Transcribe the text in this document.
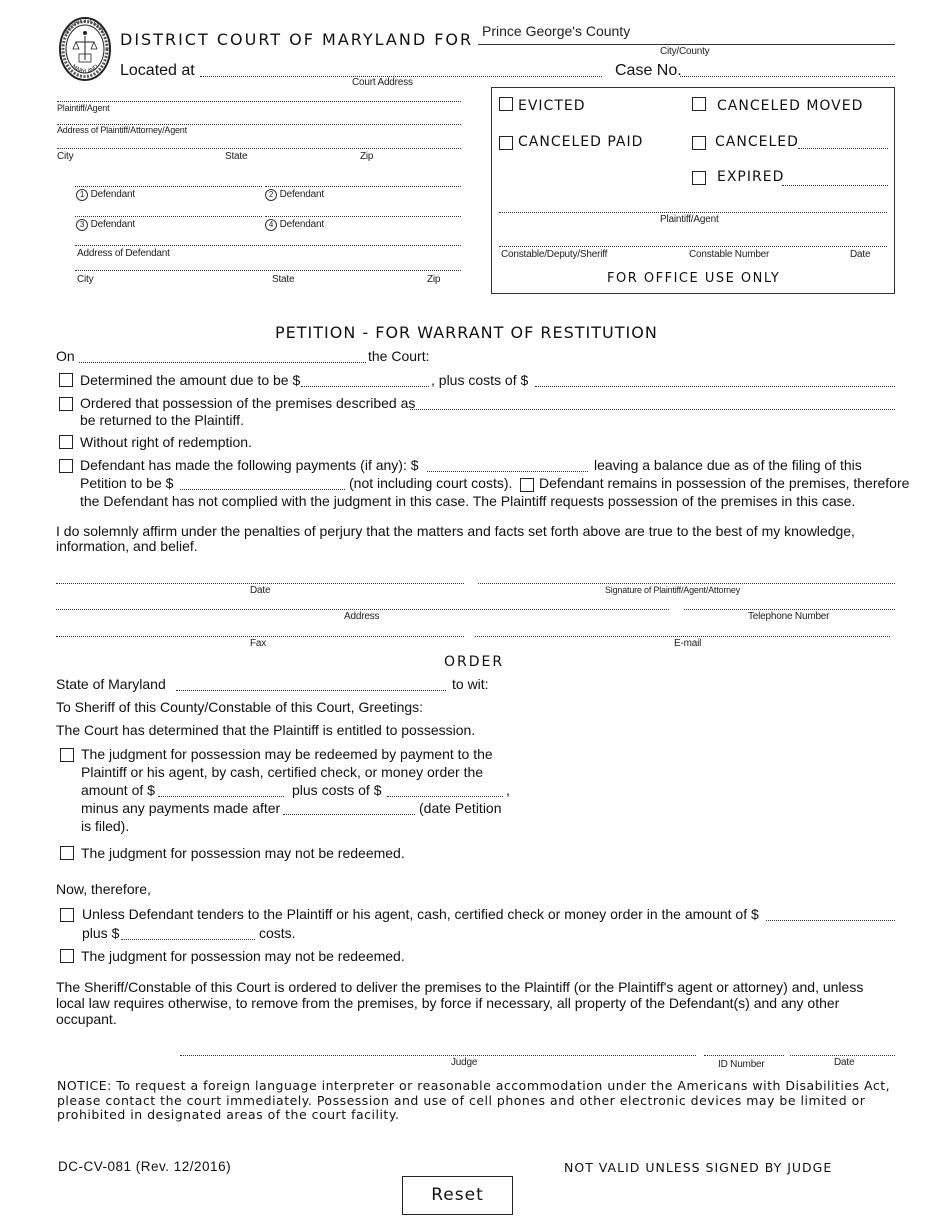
DISTRICT COURT
MARYLAND
DISTRICT COURT OF MARYLAND FOR Prince George's County
City/County
Located at
Court Address
Case No.
Plaintiff/Agent
Address of Plaintiff/Attorney/Agent
City	State	Zip
1 Defendant	2 Defendant
3 Defendant	4 Defendant
Address of Defendant
City	State	Zip
EVICTED	CANCELED MOVED
CANCELED PAID	CANCELED
EXPIRED
Plaintiff/Agent
Constable/Deputy/Sheriff	Constable Number	Date
FOR OFFICE USE ONLY
PETITION - FOR WARRANT OF RESTITUTION
On	the Court:
Determined the amount due to be $	, plus costs of $
Ordered that possession of the premises described as
be returned to the Plaintiff.
Without right of redemption.
Defendant has made the following payments (if any): $	leaving a balance due as of the filing of this
Petition to be $	(not including court costs). Defendant remains in possession of the premises, therefore
the Defendant has not complied with the judgment in this case. The Plaintiff requests possession of the premises in this case.
I do solemnly affirm under the penalties of perjury that the matters and facts set forth above are true to the best of my knowledge, information, and belief.
Date	Signature of Plaintiff/Agent/Attorney
Address	Telephone Number
Fax	E-mail
ORDER
State of Maryland	to wit:
To Sheriff of this County/Constable of this Court, Greetings:
The Court has determined that the Plaintiff is entitled to possession.
The judgment for possession may be redeemed by payment to the
Plaintiff or his agent, by cash, certified check, or money order the
amount of $	plus costs of $	,
minus any payments made after	(date Petition
is filed).
The judgment for possession may not be redeemed.
Now, therefore,
Unless Defendant tenders to the Plaintiff or his agent, cash, certified check or money order in the amount of $
plus $	costs.
The judgment for possession may not be redeemed.
The Sheriff/Constable of this Court is ordered to deliver the premises to the Plaintiff (or the Plaintiff's agent or attorney) and, unless local law requires otherwise, to remove from the premises, by force if necessary, all property of the Defendant(s) and any other occupant.
Judge	ID Number	Date
NOTICE: To request a foreign language interpreter or reasonable accommodation under the Americans with Disabilities Act, please contact the court immediately. Possession and use of cell phones and other electronic devices may be limited or prohibited in designated areas of the court facility.
DC-CV-081 (Rev. 12/2016)	NOT VALID UNLESS SIGNED BY JUDGE
Reset
